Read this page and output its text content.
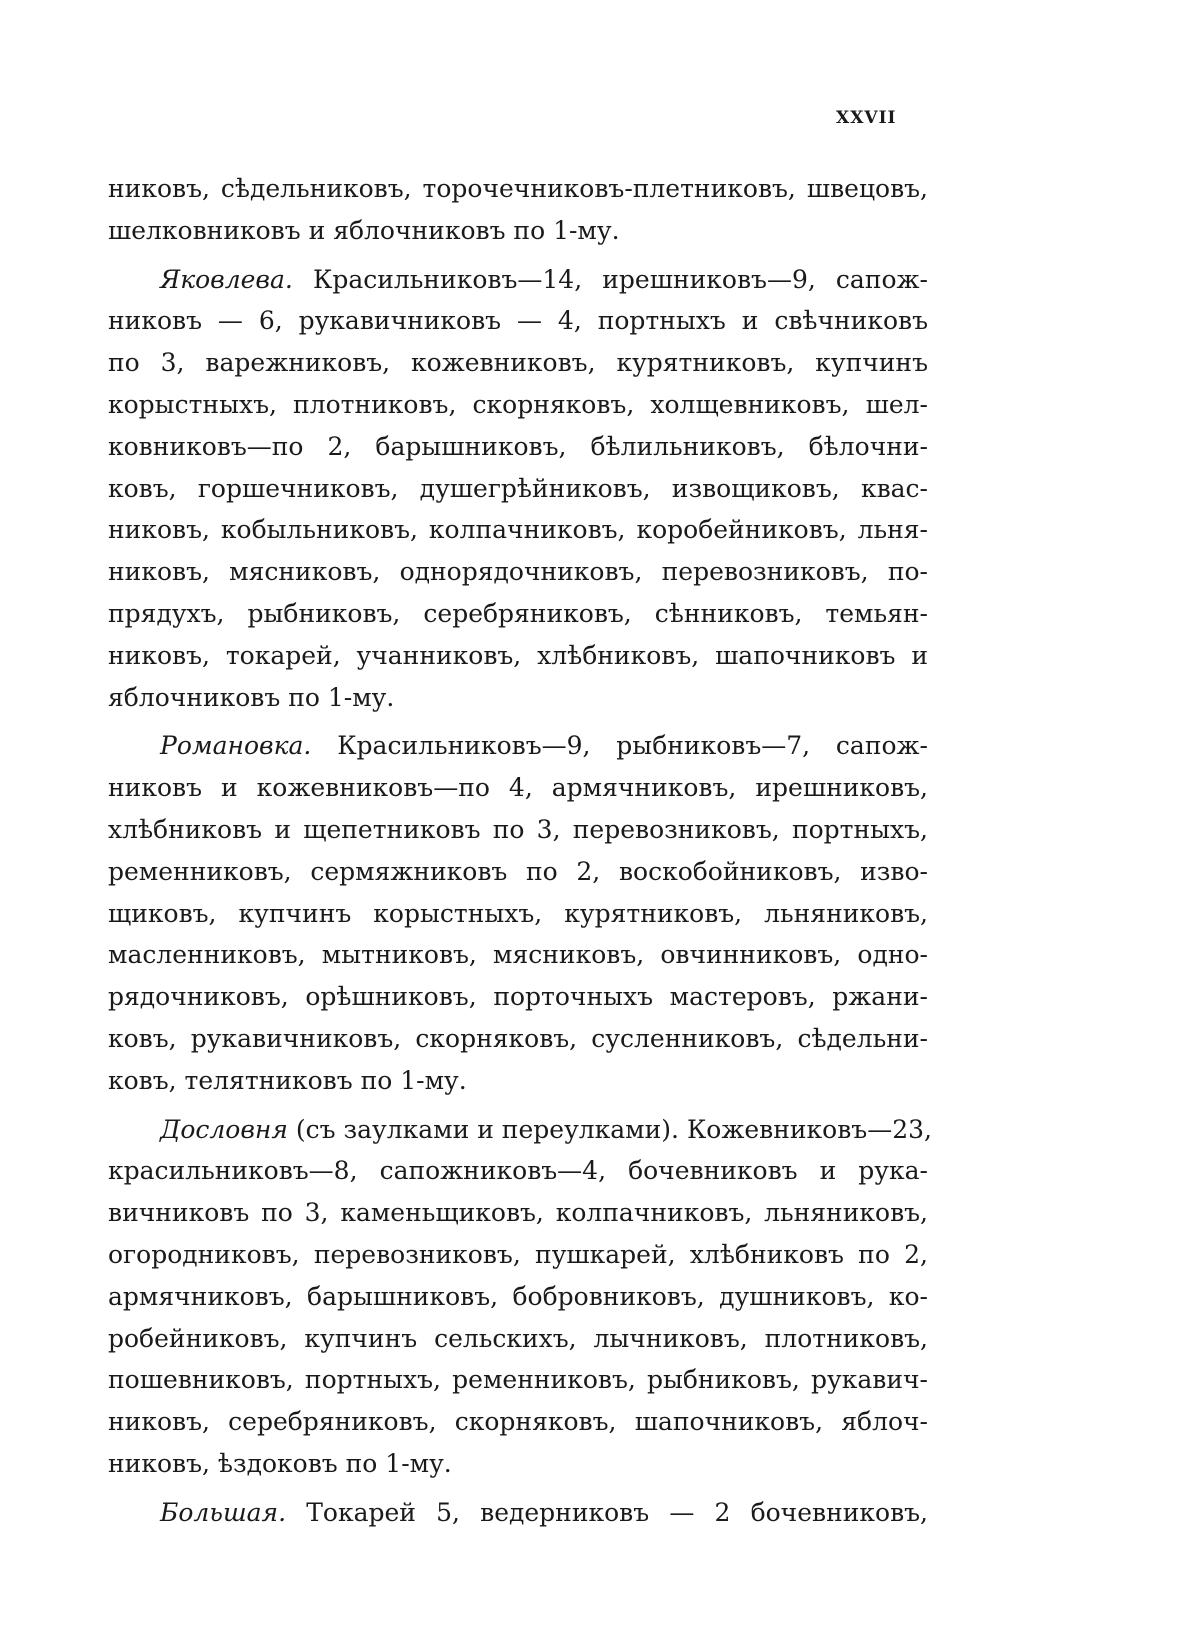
XXVII
никовъ, сѣдельниковъ, торочечниковъ-плетниковъ, швецовъ,
шелковниковъ и яблочниковъ по 1-му.
Яковлева. Красильниковъ—14, ирешниковъ—9, сапож-
никовъ — 6, рукавичниковъ — 4, портныхъ и свѣчниковъ
по 3, варежниковъ, кожевниковъ, курятниковъ, купчинъ
корыстныхъ, плотниковъ, скорняковъ, холщевниковъ, шел-
ковниковъ—по 2, барышниковъ, бѣлильниковъ, бѣлочни-
ковъ, горшечниковъ, душегрѣйниковъ, извощиковъ, квас-
никовъ, кобыльниковъ, колпачниковъ, коробейниковъ, льня-
никовъ, мясниковъ, однорядочниковъ, перевозниковъ, по-
прядухъ, рыбниковъ, серебряниковъ, сѣнниковъ, темьян-
никовъ, токарей, учанниковъ, хлѣбниковъ, шапочниковъ и
яблочниковъ по 1-му.
Романовка. Красильниковъ—9, рыбниковъ—7, сапож-
никовъ и кожевниковъ—по 4, армячниковъ, ирешниковъ,
хлѣбниковъ и щепетниковъ по 3, перевозниковъ, портныхъ,
ременниковъ, сермяжниковъ по 2, воскобойниковъ, изво-
щиковъ, купчинъ корыстныхъ, курятниковъ, льняниковъ,
масленниковъ, мытниковъ, мясниковъ, овчинниковъ, одно-
рядочниковъ, орѣшниковъ, порточныхъ мастеровъ, ржани-
ковъ, рукавичниковъ, скорняковъ, сусленниковъ, сѣдельни-
ковъ, телятниковъ по 1-му.
Дословня (съ заулками и переулками). Кожевниковъ—23,
красильниковъ—8, сапожниковъ—4, бочевниковъ и рука-
вичниковъ по 3, каменьщиковъ, колпачниковъ, льняниковъ,
огородниковъ, перевозниковъ, пушкарей, хлѣбниковъ по 2,
армячниковъ, барышниковъ, бобровниковъ, душниковъ, ко-
робейниковъ, купчинъ сельскихъ, лычниковъ, плотниковъ,
пошевниковъ, портныхъ, ременниковъ, рыбниковъ, рукавич-
никовъ, серебряниковъ, скорняковъ, шапочниковъ, яблоч-
никовъ, ѣздоковъ по 1-му.
Большая. Токарей 5, ведерниковъ — 2 бочевниковъ,
